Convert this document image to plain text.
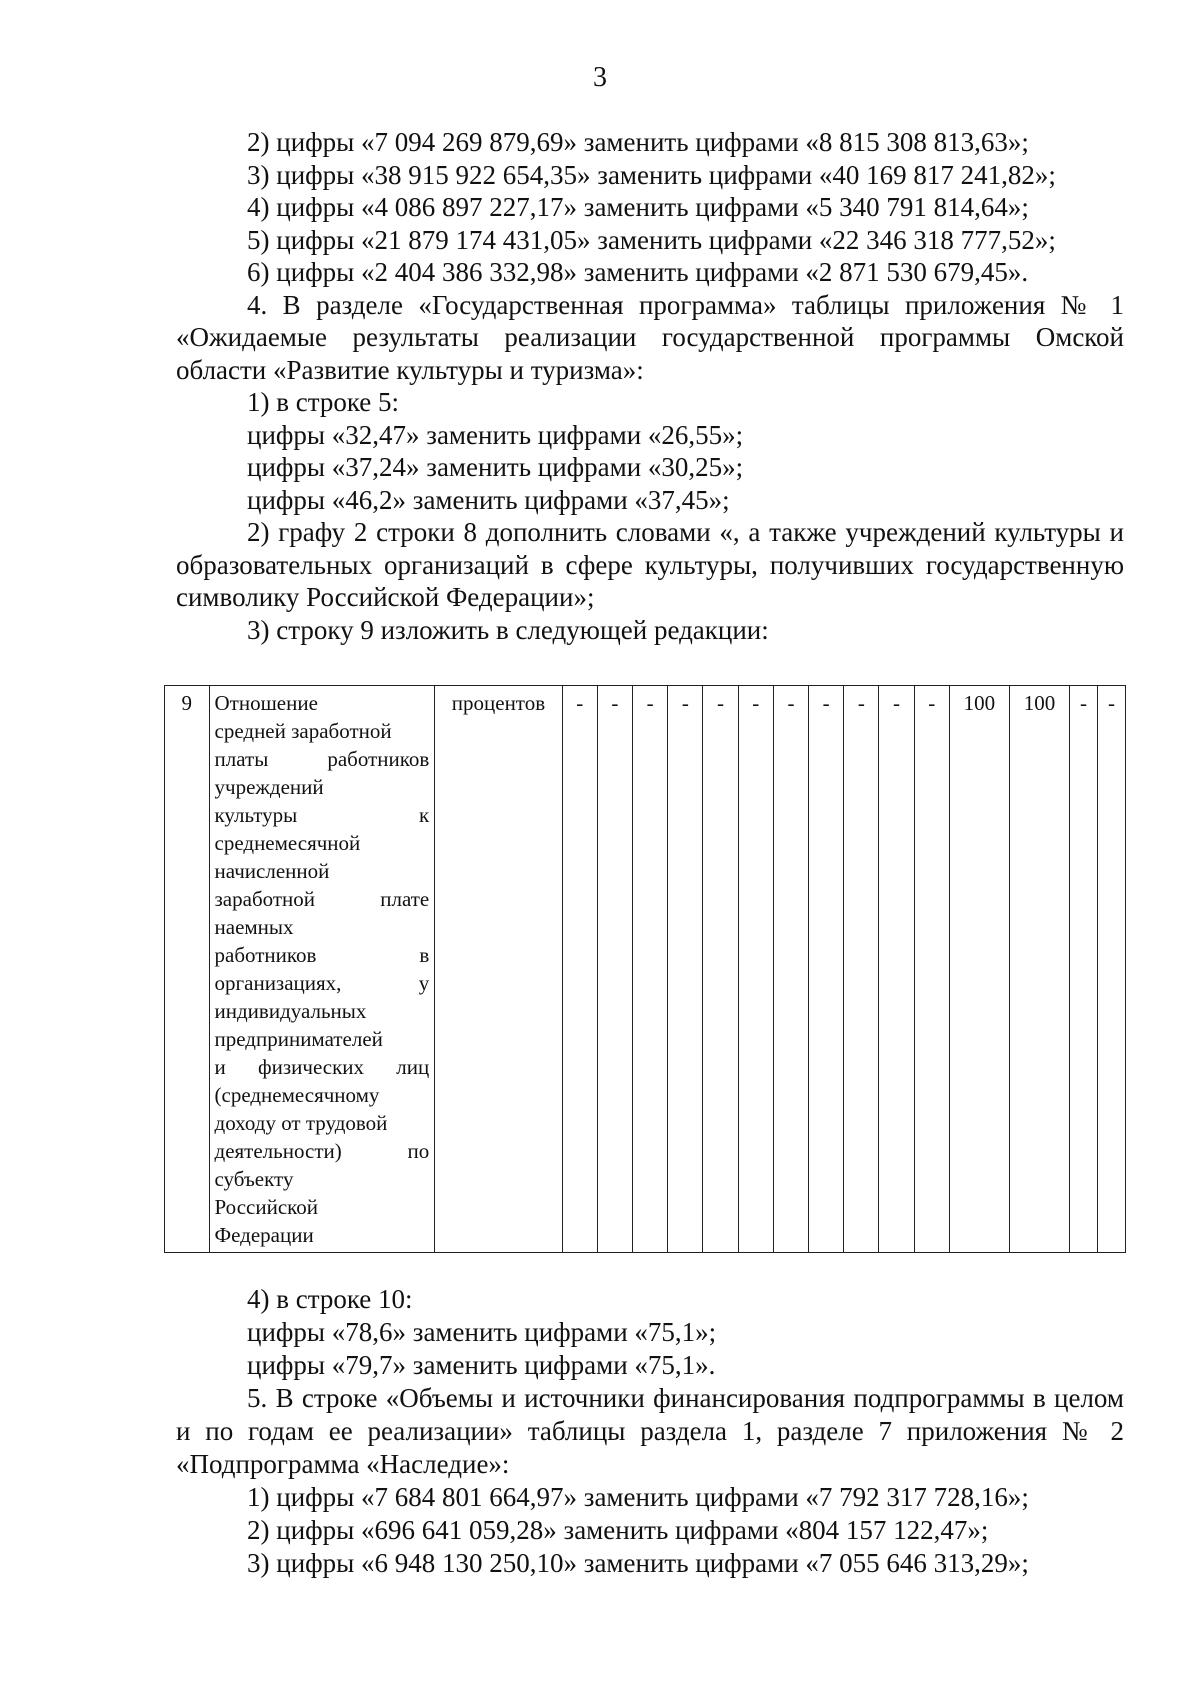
3

2) цифры «7 094 269 879,69» заменить цифрами «8 815 308 813,63»;

3) цифры «38 915 922 654,35» заменить цифрами «40 169 817 241,82»;

4) цифры «4 086 897 227,17» заменить цифрами «5 340 791 814,64»;

5) цифры «21 879 174 431,05» заменить цифрами «22 346 318 777,52»;

6) цифры «2 404 386 332,98» заменить цифрами «2 871 530 679,45».

4. В разделе «Государственная программа» таблицы приложения № 1 «Ожидаемые результаты реализации государственной программы Омской области «Развитие культуры и туризма»:

1) в строке 5:

цифры «32,47» заменить цифрами «26,55»;

цифры «37,24» заменить цифрами «30,25»;

цифры «46,2» заменить цифрами «37,45»;

2) графу 2 строки 8 дополнить словами «, а также учреждений культуры и образовательных организаций в сфере культуры, получивших государственную символику Российской Федерации»;

3) строку 9 изложить в следующей редакции:

9	Отношение
средней заработной
платы работников
учреждений
культуры к
среднемесячной
начисленной
заработной плате
наемных
работников в
организациях, у
индивидуальных
предпринимателей
и физических лиц
(среднемесячному
доходу от трудовой
деятельности) по
субъекту
Российской
Федерации
	процентов	-	-	-	-	-	-	-	-	-	-	-	100	100	-	-

4) в строке 10:

цифры «78,6» заменить цифрами «75,1»;

цифры «79,7» заменить цифрами «75,1».

5. В строке «Объемы и источники финансирования подпрограммы в целом и по годам ее реализации» таблицы раздела 1, разделе 7 приложения № 2 «Подпрограмма «Наследие»:

1) цифры «7 684 801 664,97» заменить цифрами «7 792 317 728,16»;

2) цифры «696 641 059,28» заменить цифрами «804 157 122,47»;

3) цифры «6 948 130 250,10» заменить цифрами «7 055 646 313,29»;
